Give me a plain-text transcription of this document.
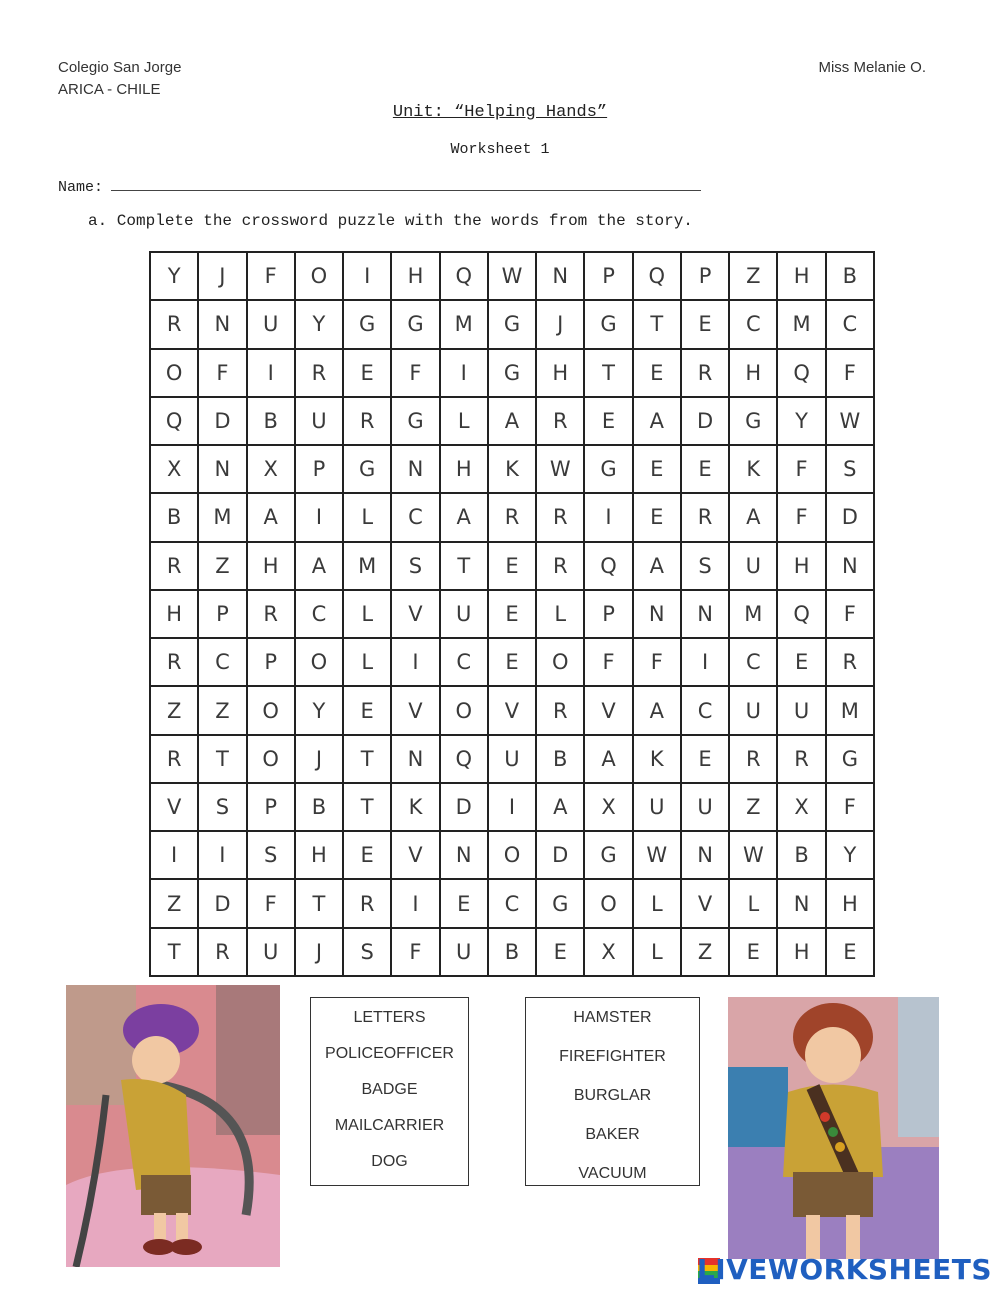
Colegio San Jorge
ARICA - CHILE
Miss Melanie O.
Unit: “Helping Hands”
Worksheet 1
Name:
a. Complete the crossword puzzle with the words from the story.
Y	J	F	O	I	H	Q	W	N	P	Q	P	Z	H	B
R	N	U	Y	G	G	M	G	J	G	T	E	C	M	C
O	F	I	R	E	F	I	G	H	T	E	R	H	Q	F
Q	D	B	U	R	G	L	A	R	E	A	D	G	Y	W
X	N	X	P	G	N	H	K	W	G	E	E	K	F	S
B	M	A	I	L	C	A	R	R	I	E	R	A	F	D
R	Z	H	A	M	S	T	E	R	Q	A	S	U	H	N
H	P	R	C	L	V	U	E	L	P	N	N	M	Q	F
R	C	P	O	L	I	C	E	O	F	F	I	C	E	R
Z	Z	O	Y	E	V	O	V	R	V	A	C	U	U	M
R	T	O	J	T	N	Q	U	B	A	K	E	R	R	G
V	S	P	B	T	K	D	I	A	X	U	U	Z	X	F
I	I	S	H	E	V	N	O	D	G	W	N	W	B	Y
Z	D	F	T	R	I	E	C	G	O	L	V	L	N	H
T	R	U	J	S	F	U	B	E	X	L	Z	E	H	E
LETTERS
POLICEOFFICER
BADGE
MAILCARRIER
DOG
HAMSTER
FIREFIGHTER
BURGLAR
BAKER
VACUUM
LIVEWORKSHEETS
